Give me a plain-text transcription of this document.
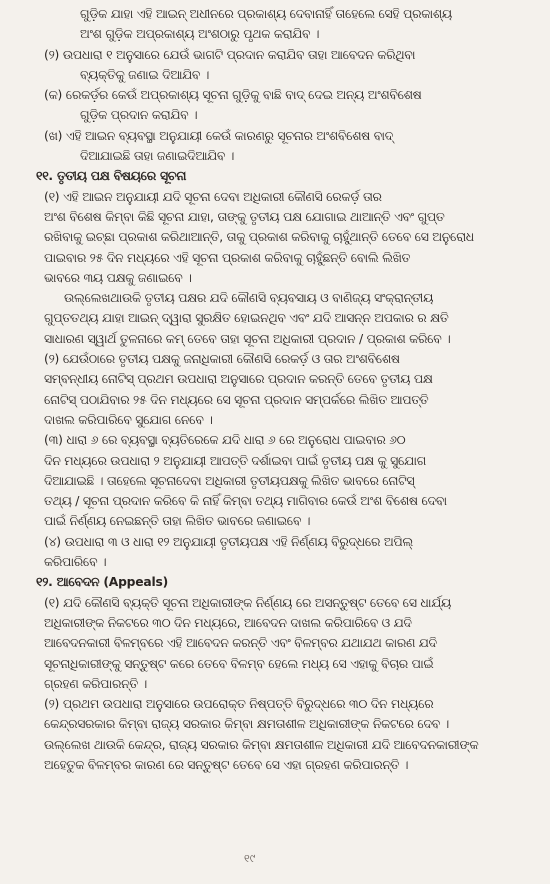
ଗୁଡ଼ିକ ଯାହା ଏହି ଆଇନ୍ ଅଧୀନରେ ପ୍ରକାଶ୍ୟ ଦେବାନାହିଁ ତାହେଲେ ସେହି ପ୍ରକାଶ୍ୟ
ଅଂଶ ଗୁଡ଼ିକ ଅପ୍ରକାଶ୍ୟ ଅଂଶଠାରୁ ପୃଥକ କରାଯିବ ।
(୨) ଉପଧାରା ୧ ଅନୁସାରେ ଯେଉଁ ଭାଗଟି ପ୍ରଦାନ କରାଯିବ ତାହା ଆବେଦନ କରିଥିବା
ବ୍ୟକ୍ତିକୁ ଜଣାଇ ଦିଆଯିବ ।
(କ) ରେକର୍ଡ଼ର କେଉଁ ଅପ୍ରକାଶ୍ୟ ସୂଚନା ଗୁଡ଼ିକୁ ବାଛି ବାଦ୍ ଦେଇ ଅନ୍ୟ ଅଂଶବିଶେଷ
ଗୁଡ଼ିକ ପ୍ରଦାନ କରାଯିବ ।
(ଖ) ଏହି ଆଇନ ବ୍ୟବସ୍ଥା ଅନୁଯାୟୀ କେଉଁ କାରଣରୁ ସୂଚନାର ଅଂଶବିଶେଷ ବାଦ୍
ଦିଆଯାଇଛି ତାହା ଜଣାଇଦିଆଯିବ ।
୧୧. ତୃତୀୟ ପକ୍ଷ ବିଷୟରେ ସୂଚନା
(୧) ଏହି ଆଇନ ଅନୁଯାୟୀ ଯଦି ସୂଚନା ଦେବା ଅଧିକାରୀ କୌଣସି ରେକର୍ଡ଼ ତାର
ଅଂଶ ବିଶେଷ କିମ୍ବା କିଛି ସୂଚନା ଯାହା, ତାଙ୍କୁ ତୃତୀୟ ପକ୍ଷ ଯୋଗାଇ ଥାଆନ୍ତି ଏବଂ ଗୁପ୍ତ
ରଖିବାକୁ ଇଚ୍ଛା ପ୍ରକାଶ କରିଥାଆନ୍ତି, ତାକୁ ପ୍ରକାଶ କରିବାକୁ ଚାହୁଁଥାନ୍ତି ତେବେ ସେ ଅନୁରୋଧ
ପାଇବାର ୨୫ ଦିନ ମଧ୍ୟରେ ଏହି ସୂଚନା ପ୍ରକାଶ କରିବାକୁ ଚାହୁଁଛନ୍ତି ବୋଲି ଲିଖିତ
ଭାବରେ ୩ୟ ପକ୍ଷକୁ ଜଣାଇବେ ।
ଉଲ୍ଲେଖଥାଉକି ତୃତୀୟ ପକ୍ଷର ଯଦି କୌଣସି ବ୍ୟବସାୟ ଓ ବାଣିଜ୍ୟ ସଂକ୍ରାନ୍ତୀୟ
ଗୁପ୍ତତଥ୍ୟ ଯାହା ଆଇନ୍ ଦ୍ୱାରା ସୁରକ୍ଷିତ ହୋଇନଥିବ ଏବଂ ଯଦି ଆସନ୍ନ ଅପକାର ର କ୍ଷତି
ସାଧାରଣ ସ୍ୱାର୍ଥ ତୁଳନାରେ କମ୍ ତେବେ ତାହା ସୂଚନା ଅଧିକାରୀ ପ୍ରଦାନ / ପ୍ରକାଶ କରିବେ ।
(୨) ଯେଉଁଠାରେ ତୃତୀୟ ପକ୍ଷକୁ ଜନାଧିକାରୀ କୌଣସି ରେକର୍ଡ଼ ଓ ତାର ଅଂଶବିଶେଷ
ସମ୍ବନ୍ଧୀୟ ନୋଟିସ୍ ପ୍ରଥମ ଉପଧାରା ଅନୁସାରେ ପ୍ରଦାନ କରନ୍ତି ତେବେ ତୃତୀୟ ପକ୍ଷ
ନୋଟିସ୍ ପଠାଯିବାର ୨୫ ଦିନ ମଧ୍ୟରେ ସେ ସୂଚନା ପ୍ରଦାନ ସମ୍ପର୍କରେ ଲିଖିତ ଆପତ୍ତି
ଦାଖଲ କରିପାରିବେ ସୁଯୋଗ ନେବେ ।
(୩) ଧାରା ୬ ରେ ବ୍ୟବସ୍ଥା ବ୍ୟତିରେକେ ଯଦି ଧାରା ୬ ରେ ଅନୁରୋଧ ପାଇବାର ୬୦
ଦିନ ମଧ୍ୟରେ ଉପଧାରା ୨ ଅନୁଯାୟୀ ଆପତ୍ତି ଦର୍ଶାଇବା ପାଇଁ ତୃତୀୟ ପକ୍ଷ କୁ ସୁଯୋଗ
ଦିଆଯାଇଛି । ତାହେଲେ ସୂଚନାଦେବା ଅଧିକାରୀ ତୃତୀୟପକ୍ଷକୁ ଲିଖିତ ଭାବରେ ନୋଟିସ୍
ତଥ୍ୟ / ସୂଚନା ପ୍ରଦାନ କରିବେ କି ନାହିଁ କିମ୍ବା ତଥ୍ୟ ମାଗିବାର କେଉଁ ଅଂଶ ବିଶେଷ ଦେବା
ପାଇଁ ନିର୍ଣ୍ଣୟ ନେଇଛନ୍ତି ତାହା ଲିଖିତ ଭାବରେ ଜଣାଇବେ ।
(୪) ଉପଧାରା ୩ ଓ ଧାରା ୧୨ ଅନୁଯାୟୀ ତୃତୀୟପକ୍ଷ ଏହି ନିର୍ଣ୍ଣୟ ବିରୁଦ୍ଧରେ ଅପିଲ୍
କରିପାରିବେ ।
୧୨. ଆବେଦନ (Appeals)
(୧) ଯଦି କୌଣସି ବ୍ୟକ୍ତି ସୂଚନା ଅଧିକାରୀଙ୍କ ନିର୍ଣ୍ଣୟ ରେ ଅସନ୍ତୁଷ୍ଟ ତେବେ ସେ ଧାର୍ଯ୍ୟ
ଅଧିକାରୀଙ୍କ ନିକଟରେ ୩୦ ଦିନ ମଧ୍ୟରେ, ଆବେଦନ ଦାଖଲ କରିପାରିବେ ଓ ଯଦି
ଆବେଦନକାରୀ ବିଳମ୍ବରେ ଏହି ଆବେଦନ କରନ୍ତି ଏବଂ ବିଳମ୍ବର ଯଥାଯଥ କାରଣ ଯଦି
ସୂଚନାଧିକାରୀଙ୍କୁ ସନ୍ତୁଷ୍ଟ କରେ ତେବେ ବିଳମ୍ବ ହେଲେ ମଧ୍ୟ ସେ ଏହାକୁ ବିଚାର ପାଇଁ
ଗ୍ରହଣ କରିପାରନ୍ତି ।
(୨) ପ୍ରଥମ ଉପଧାରା ଅନୁସାରେ ଉପରୋକ୍ତ ନିଷ୍ପତ୍ତି ବିରୁଦ୍ଧରେ ୩୦ ଦିନ ମଧ୍ୟରେ
କେନ୍ଦ୍ରସରକାର କିମ୍ବା ରାଜ୍ୟ ସରକାର କିମ୍ବା କ୍ଷମତାଶୀଳ ଅଧିକାରୀଙ୍କ ନିକଟରେ ଦେବ ।
ଉଲ୍ଲେଖ ଥାଉକି କେନ୍ଦ୍ର, ରାଜ୍ୟ ସରକାର କିମ୍ବା କ୍ଷମତାଶୀଳ ଅଧିକାରୀ ଯଦି ଆବେଦନକାରୀଙ୍କ
ଅହେତୁକ ବିଳମ୍ବର କାରଣ ରେ ସନ୍ତୁଷ୍ଟ ତେବେ ସେ ଏହା ଗ୍ରହଣ କରିପାରନ୍ତି ।
୧୯
